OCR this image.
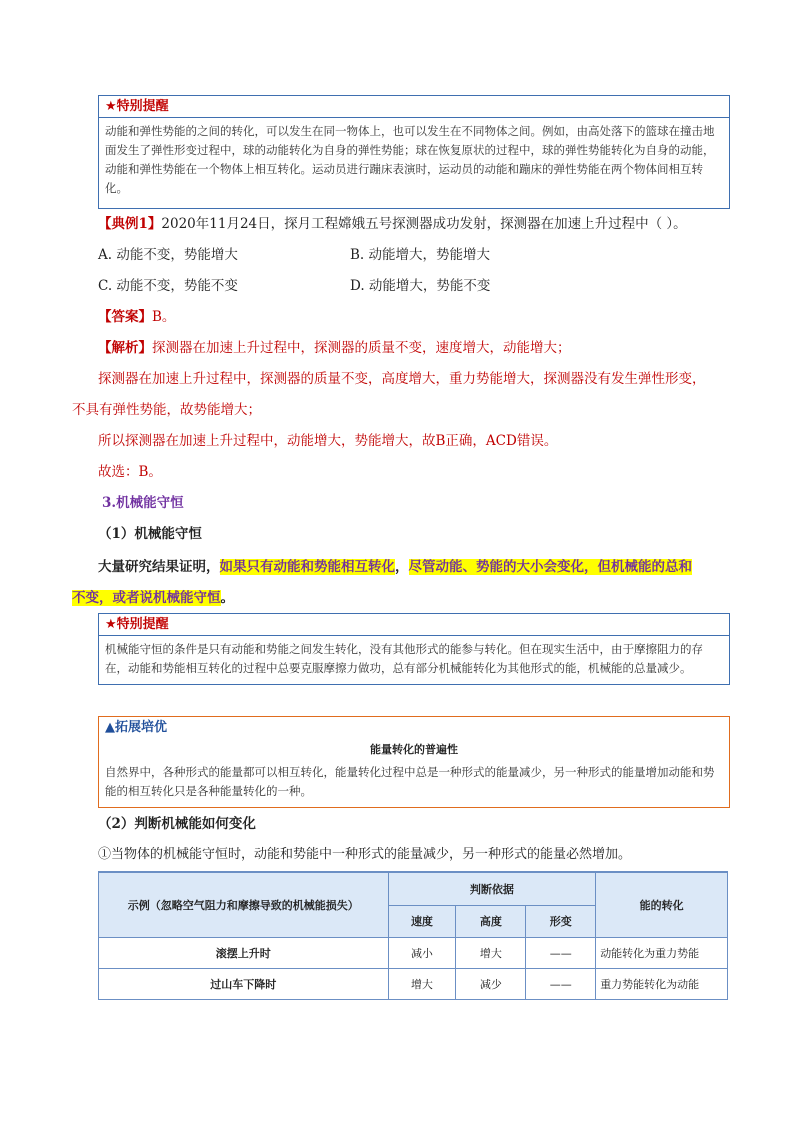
★特别提醒
动能和弹性势能的之间的转化，可以发生在同一物体上，也可以发生在不同物体之间。例如，由高处落下的篮球在撞击地面发生了弹性形变过程中，球的动能转化为自身的弹性势能；球在恢复原状的过程中，球的弹性势能转化为自身的动能，动能和弹性势能在一个物体上相互转化。运动员进行蹦床表演时，运动员的动能和蹦床的弹性势能在两个物体间相互转化。
【典例1】2020年11月24日，探月工程嫦娥五号探测器成功发射，探测器在加速上升过程中（ ）。
A. 动能不变，势能增大	B. 动能增大，势能增大
C. 动能不变，势能不变	D. 动能增大，势能不变
【答案】B。
【解析】探测器在加速上升过程中，探测器的质量不变，速度增大，动能增大；
探测器在加速上升过程中，探测器的质量不变，高度增大，重力势能增大，探测器没有发生弹性形变，
不具有弹性势能，故势能增大；
所以探测器在加速上升过程中，动能增大，势能增大，故B正确，ACD错误。
故选：B。
3.机械能守恒
（1）机械能守恒
大量研究结果证明，如果只有动能和势能相互转化，尽管动能、势能的大小会变化，但机械能的总和
不变，或者说机械能守恒。
★特别提醒
机械能守恒的条件是只有动能和势能之间发生转化，没有其他形式的能参与转化。但在现实生活中，由于摩擦阻力的存在，动能和势能相互转化的过程中总要克服摩擦力做功，总有部分机械能转化为其他形式的能，机械能的总量减少。
▲拓展培优
能量转化的普遍性
自然界中，各种形式的能量都可以相互转化，能量转化过程中总是一种形式的能量减少，另一种形式的能量增加动能和势能的相互转化只是各种能量转化的一种。
（2）判断机械能如何变化
①当物体的机械能守恒时，动能和势能中一种形式的能量减少，另一种形式的能量必然增加。
示例（忽略空气阻力和摩擦导致的机械能损失）	判断依据			能的转化
	速度	高度	形变	
滚摆上升时	减小	增大	——	动能转化为重力势能
过山车下降时	增大	减少	——	重力势能转化为动能
